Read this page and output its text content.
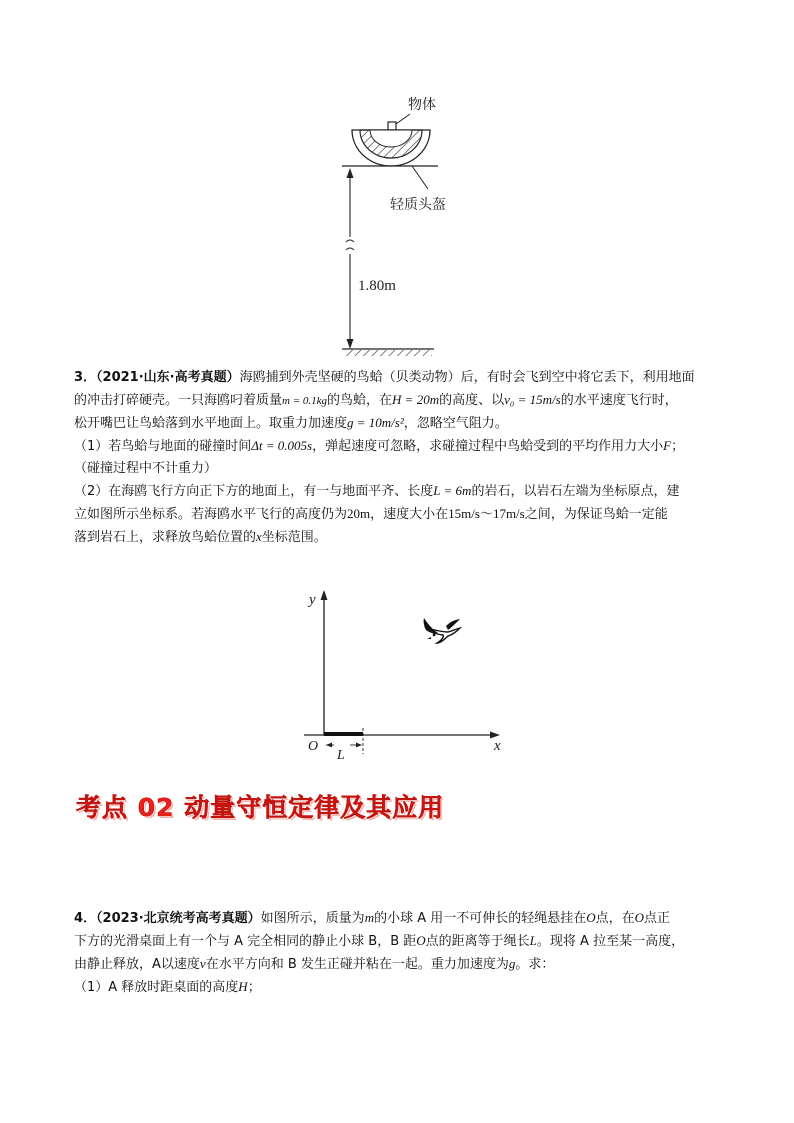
物体
轻质头盔
1.80m

3．（2021·山东·高考真题）海鸥捕到外壳坚硬的鸟蛤（贝类动物）后，有时会飞到空中将它丢下，利用地面

的冲击打碎硬壳。一只海鸥叼着质量m = 0.1kg的鸟蛤，在H = 20m的高度、以v₀ = 15m/s的水平速度飞行时，

松开嘴巴让鸟蛤落到水平地面上。取重力加速度g = 10m/s²，忽略空气阻力。

（1）若鸟蛤与地面的碰撞时间Δt = 0.005s，弹起速度可忽略，求碰撞过程中鸟蛤受到的平均作用力大小F；

（碰撞过程中不计重力）

（2）在海鸥飞行方向正下方的地面上，有一与地面平齐、长度L = 6m的岩石，以岩石左端为坐标原点，建

立如图所示坐标系。若海鸥水平飞行的高度仍为20m，速度大小在15m/s～17m/s之间，为保证鸟蛤一定能

落到岩石上，求释放鸟蛤位置的x坐标范围。

y
x
O
L
考点 02 动量守恒定律及其应用

4．（2023·北京统考高考真题）如图所示，质量为m的小球 A 用一不可伸长的轻绳悬挂在O点，在O点正

下方的光滑桌面上有一个与 A 完全相同的静止小球 B，B 距O点的距离等于绳长L。现将 A 拉至某一高度，

由静止释放，A以速度v在水平方向和 B 发生正碰并粘在一起。重力加速度为g。求：

（1）A 释放时距桌面的高度H；
